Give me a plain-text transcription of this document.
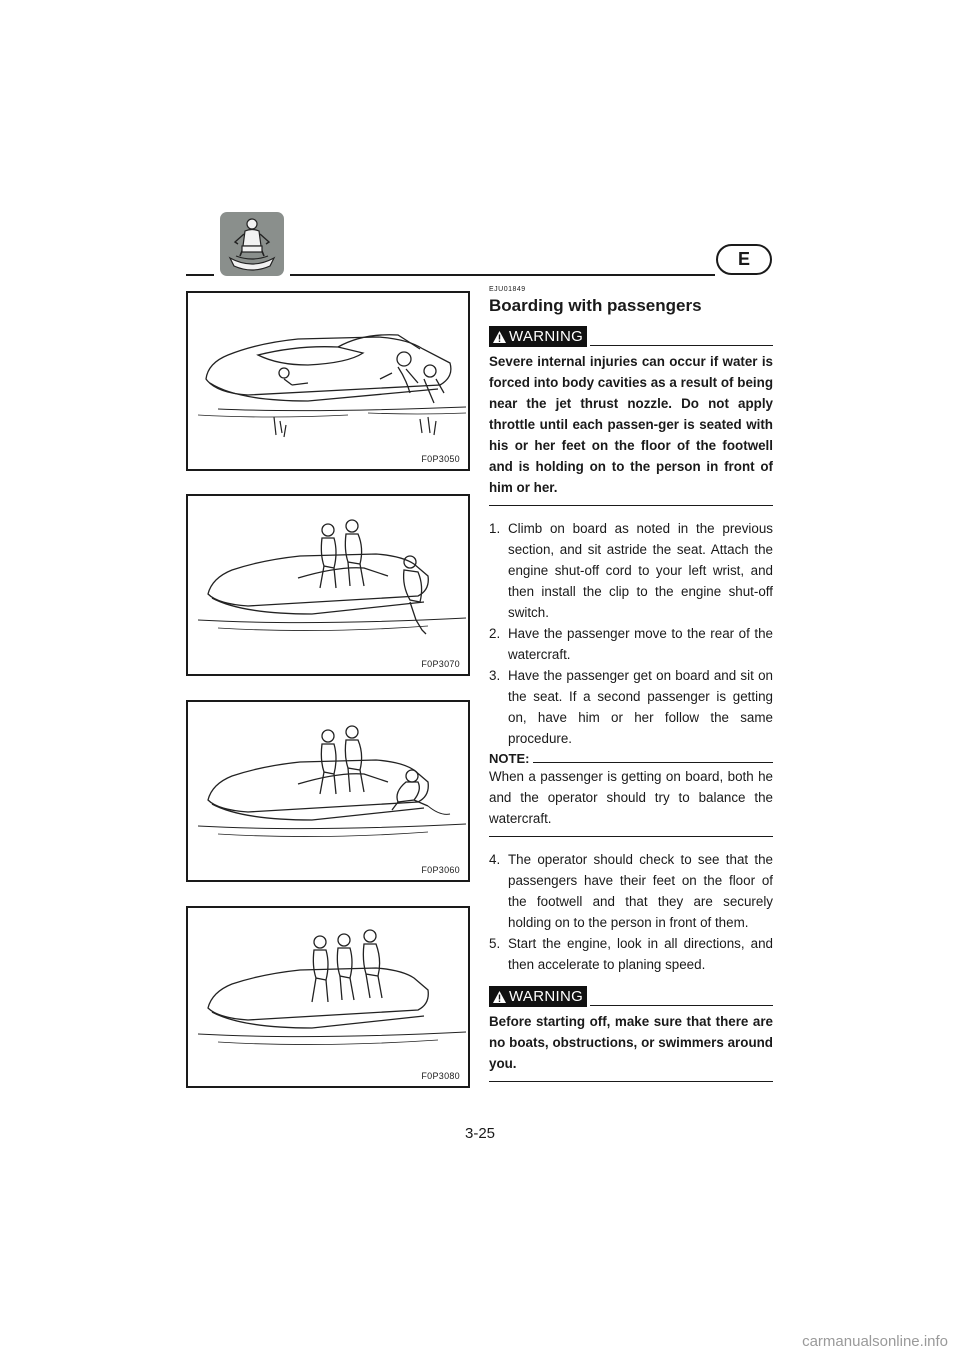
E
F0P3050
F0P3070
F0P3060
F0P3080
EJU01849
Boarding with passengers
WARNING
Severe internal injuries can occur if water is forced into body cavities as a result of being near the jet thrust nozzle. Do not apply throttle until each passen-ger is seated with his or her feet on the floor of the footwell and is holding on to the person in front of him or her.
1. Climb on board as noted in the previous section, and sit astride the seat. Attach the engine shut-off cord to your left wrist, and then install the clip to the engine shut-off switch.
2. Have the passenger move to the rear of the watercraft.
3. Have the passenger get on board and sit on the seat. If a second passenger is getting on, have him or her follow the same procedure.
NOTE:
When a passenger is getting on board, both he and the operator should try to balance the watercraft.
4. The operator should check to see that the passengers have their feet on the floor of the footwell and that they are securely holding on to the person in front of them.
5. Start the engine, look in all directions, and then accelerate to planing speed.
WARNING
Before starting off, make sure that there are no boats, obstructions, or swimmers around you.
3-25
carmanualsonline.info
